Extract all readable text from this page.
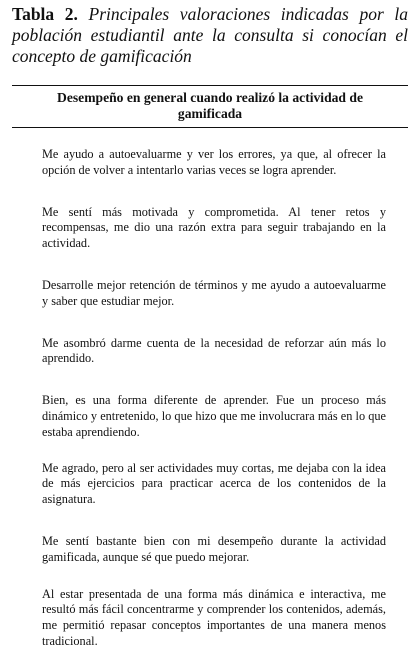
Tabla 2. Principales valoraciones indicadas por la población estudiantil ante la consulta si conocían el concepto de gamificación
Desempeño en general cuando realizó la actividad de gamificada

Me ayudo a autoevaluarme y ver los errores, ya que, al ofrecer la opción de volver a intentarlo varias veces se logra aprender.

Me sentí más motivada y comprometida. Al tener retos y recompensas, me dio una razón extra para seguir trabajando en la actividad.

Desarrolle mejor retención de términos y me ayudo a autoevaluarme y saber que estudiar mejor.

Me asombró darme cuenta de la necesidad de reforzar aún más lo aprendido.

Bien, es una forma diferente de aprender. Fue un proceso más dinámico y entretenido, lo que hizo que me involucrara más en lo que estaba aprendiendo.

Me agrado, pero al ser actividades muy cortas, me dejaba con la idea de más ejercicios para practicar acerca de los contenidos de la asignatura.

Me sentí bastante bien con mi desempeño durante la actividad gamificada, aunque sé que puedo mejorar.

Al estar presentada de una forma más dinámica e interactiva, me resultó más fácil concentrarme y comprender los contenidos, además, me permitió repasar conceptos importantes de una manera menos tradicional.
